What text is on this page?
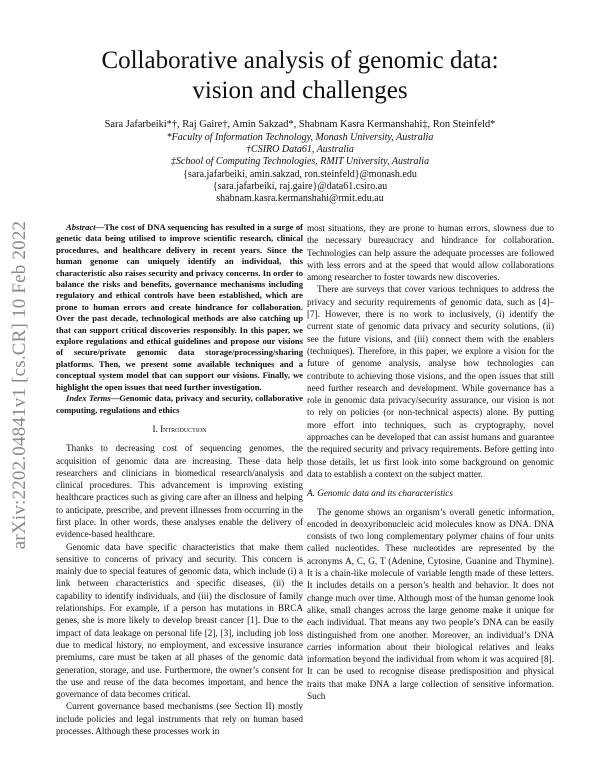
arXiv:2202.04841v1 [cs.CR] 10 Feb 2022
Collaborative analysis of genomic data:
vision and challenges
Sara Jafarbeiki*†, Raj Gaire†, Amin Sakzad*, Shabnam Kasra Kermanshahi‡, Ron Steinfeld*
*Faculty of Information Technology, Monash University, Australia
†CSIRO Data61, Australia
‡School of Computing Technologies, RMIT University, Australia
{sara.jafarbeiki, amin.sakzad, ron.steinfeld}@monash.edu
{sara.jafarbeiki, raj.gaire}@data61.csiro.au
shabnam.kasra.kermanshahi@rmit.edu.au

Abstract—The cost of DNA sequencing has resulted in a surge of genetic data being utilised to improve scientific research, clinical procedures, and healthcare delivery in recent years. Since the human genome can uniquely identify an individual, this characteristic also raises security and privacy concerns. In order to balance the risks and benefits, governance mechanisms including regulatory and ethical controls have been established, which are prone to human errors and create hindrance for collaboration. Over the past decade, technological methods are also catching up that can support critical discoveries responsibly. In this paper, we explore regulations and ethical guidelines and propose our visions of secure/private genomic data storage/processing/sharing platforms. Then, we present some available techniques and a conceptual system model that can support our visions. Finally, we highlight the open issues that need further investigation.

Index Terms—Genomic data, privacy and security, collaborative computing, regulations and ethics

I. Introduction

Thanks to decreasing cost of sequencing genomes, the acquisition of genomic data are increasing. These data help researchers and clinicians in biomedical research/analysis and clinical procedures. This advancement is improving existing healthcare practices such as giving care after an illness and helping to anticipate, prescribe, and prevent illnesses from occurring in the first place. In other words, these analyses enable the delivery of evidence-based healthcare.

Genomic data have specific characteristics that make them sensitive to concerns of privacy and security. This concern is mainly due to special features of genomic data, which include (i) a link between characteristics and specific diseases, (ii) the capability to identify individuals, and (iii) the disclosure of family relationships. For example, if a person has mutations in BRCA genes, she is more likely to develop breast cancer [1]. Due to the impact of data leakage on personal life [2], [3], including job loss due to medical history, no employment, and excessive insurance premiums, care must be taken at all phases of the genomic data generation, storage, and use. Furthermore, the owner’s consent for the use and reuse of the data becomes important, and hence the governance of data becomes critical.

Current governance based mechanisms (see Section II) mostly include policies and legal instruments that rely on human based processes. Although these processes work in

most situations, they are prone to human errors, slowness due to the necessary bureaucracy and hindrance for collaboration. Technologies can help assure the adequate processes are followed with less errors and at the speed that would allow collaborations among researcher to foster towards new discoveries.

There are surveys that cover various techniques to address the privacy and security requirements of genomic data, such as [4]–[7]. However, there is no work to inclusively, (i) identify the current state of genomic data privacy and security solutions, (ii) see the future visions, and (iii) connect them with the enablers (techniques). Therefore, in this paper, we explore a vision for the future of genome analysis, analyse how technologies can contribute to achieving those visions, and the open issues that still need further research and development. While governance has a role in genomic data privacy/security assurance, our vision is not to rely on policies (or non-technical aspects) alone. By putting more effort into techniques, such as cryptography, novel approaches can be developed that can assist humans and guarantee the required security and privacy requirements. Before getting into those details, let us first look into some background on genomic data to establish a context on the subject matter.

A. Genomic data and its characteristics

The genome shows an organism’s overall genetic information, encoded in deoxyribonucleic acid molecules know as DNA. DNA consists of two long complementary polymer chains of four units called nucleotides. These nucleotides are represented by the acronyms A, C, G, T (Adenine, Cytosine, Guanine and Thymine). It is a chain-like molecule of variable length made of these letters. It includes details on a person’s health and behavior. It does not change much over time. Although most of the human genome look alike, small changes across the large genome make it unique for each individual. That means any two people’s DNA can be easily distinguished from one another. Moreover, an individual’s DNA carries information about their biological relatives and leaks information beyond the individual from whom it was acquired [8]. It can be used to recognise disease predisposition and physical traits that make DNA a large collection of sensitive information. Such
